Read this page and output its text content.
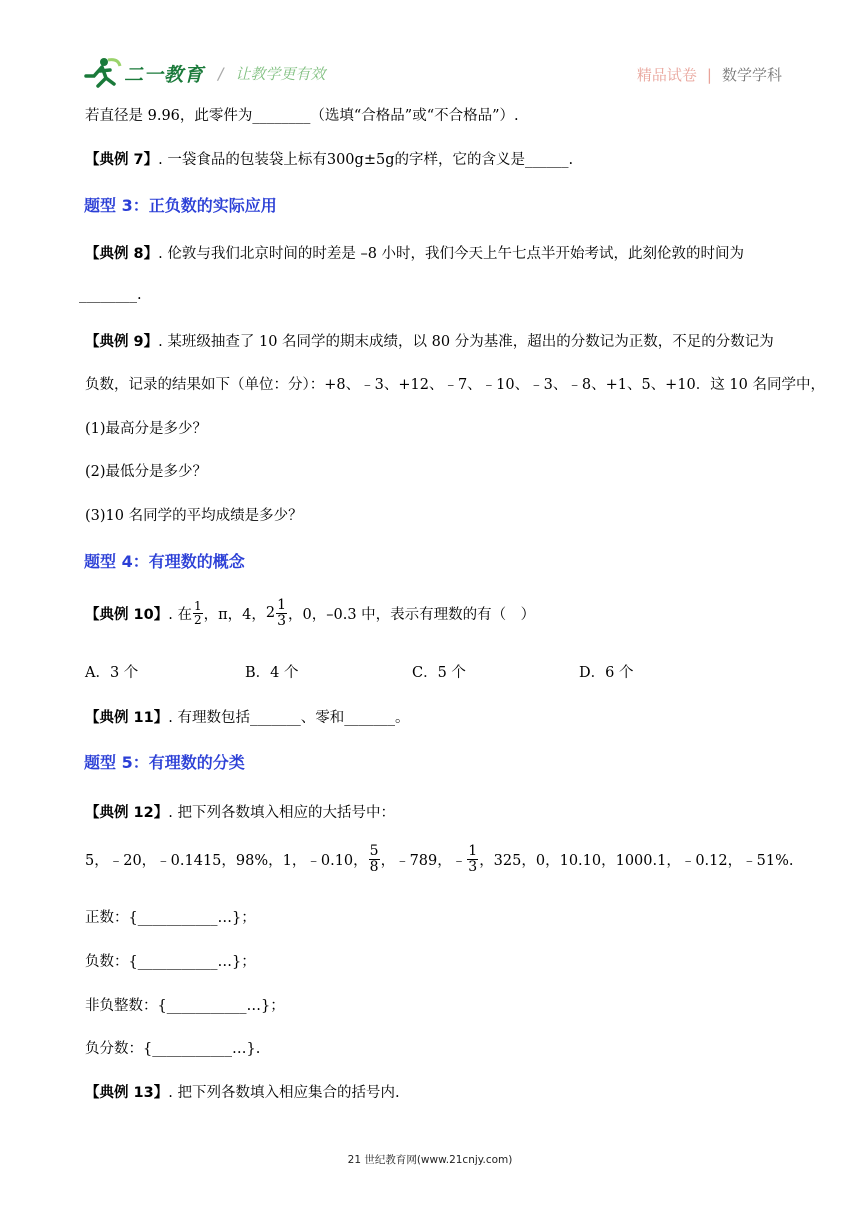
二一教育 / 让教学更有效	精品试卷 | 数学学科
若直径是 9.96，此零件为________（选填“合格品”或“不合格品”）.
【典例 7】. 一袋食品的包装袋上标有300g±5g的字样，它的含义是______.
题型 3：正负数的实际应用
【典例 8】. 伦敦与我们北京时间的时差是 –8 小时，我们今天上午七点半开始考试，此刻伦敦的时间为
________.
【典例 9】. 某班级抽查了 10 名同学的期末成绩，以 80 分为基准，超出的分数记为正数，不足的分数记为
负数，记录的结果如下（单位：分）：+8、﹣3、+12、﹣7、﹣10、﹣3、﹣8、+1、5、+10．这 10 名同学中，
(1)最高分是多少？
(2)最低分是多少？
(3)10 名同学的平均成绩是多少？
题型 4：有理数的概念
【典例 10】 . 在 $\frac{1}{2}$ ，π，4， $2 \frac{1}{3}$ ，0，–0.3 中，表示有理数的有（　）
A．3 个	B．4 个	C．5 个	D．6 个
【典例 11】. 有理数包括_______、零和_______。
题型 5：有理数的分类
【典例 12】. 把下列各数填入相应的大括号中：
5，﹣20，﹣0.1415，98%，1，﹣0.10， $\frac{5}{8}$ ，﹣789，﹣ $\frac{1}{3}$ ，325，0，10.10，1000.1，﹣0.12，﹣51%.
正数：{___________…}；
负数：{___________…}；
非负整数：{___________…}；
负分数：{___________…}.
【典例 13】. 把下列各数填入相应集合的括号内.
21 世纪教育网(www.21cnjy.com)
